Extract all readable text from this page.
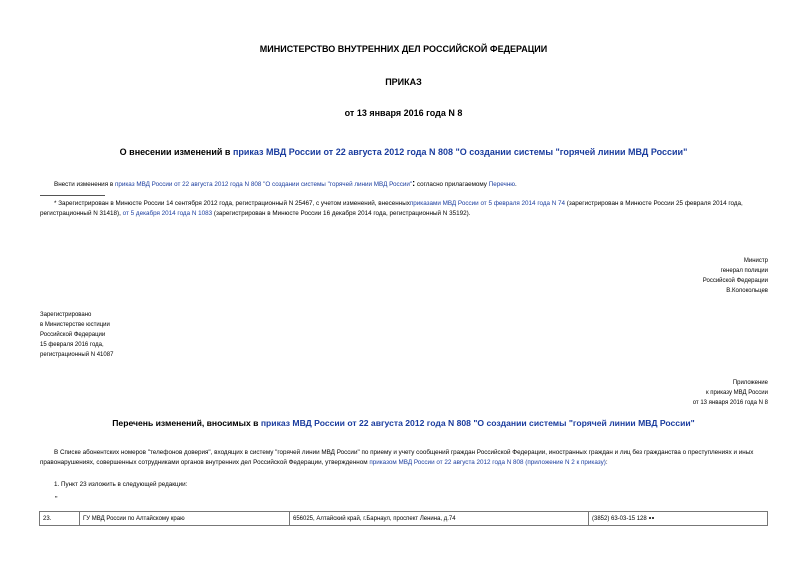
МИНИСТЕРСТВО ВНУТРЕННИХ ДЕЛ РОССИЙСКОЙ ФЕДЕРАЦИИ
ПРИКАЗ
от 13 января 2016 года N 8
О внесении изменений в приказ МВД России от 22 августа 2012 года N 808 "О создании системы "горячей линии МВД России"
Внести изменения в приказ МВД России от 22 августа 2012 года N 808 "О создании системы "горячей линии МВД России": согласно прилагаемому Перечню.
* Зарегистрирован в Минюсте России 14 сентября 2012 года, регистрационный N 25467, с учетом изменений, внесенныхприказами МВД России от 5 февраля 2014 года N 74 (зарегистрирован в Минюсте России 25 февраля 2014 года, регистрационный N 31418), от 5 декабря 2014 года N 1083 (зарегистрирован в Минюсте России 16 декабря 2014 года, регистрационный N 35192).
Министр
генерал полиции
Российской Федерации
В.Колокольцев
Зарегистрировано
в Министерстве юстиции
Российской Федерации
15 февраля 2016 года,
регистрационный N 41087
Приложение
к приказу МВД России
от 13 января 2016 года N 8
Перечень изменений, вносимых в приказ МВД России от 22 августа 2012 года N 808 "О создании системы "горячей линии МВД России"
В Списке абонентских номеров "телефонов доверия", входящих в систему "горячей линии МВД России" по приему и учету сообщений граждан Российской Федерации, иностранных граждан и лиц без гражданства о преступлениях и иных правонарушениях, совершенных сотрудниками органов внутренних дел Российской Федерации, утвержденном приказом МВД России от 22 августа 2012 года N 808 (приложение N 2 к приказу):
1. Пункт 23 изложить в следующей редакции:
"
23.	ГУ МВД России по Алтайскому краю	656025, Алтайский край, г.Барнаул, проспект Ленина, д.74	(3852) 63-03-15 128
